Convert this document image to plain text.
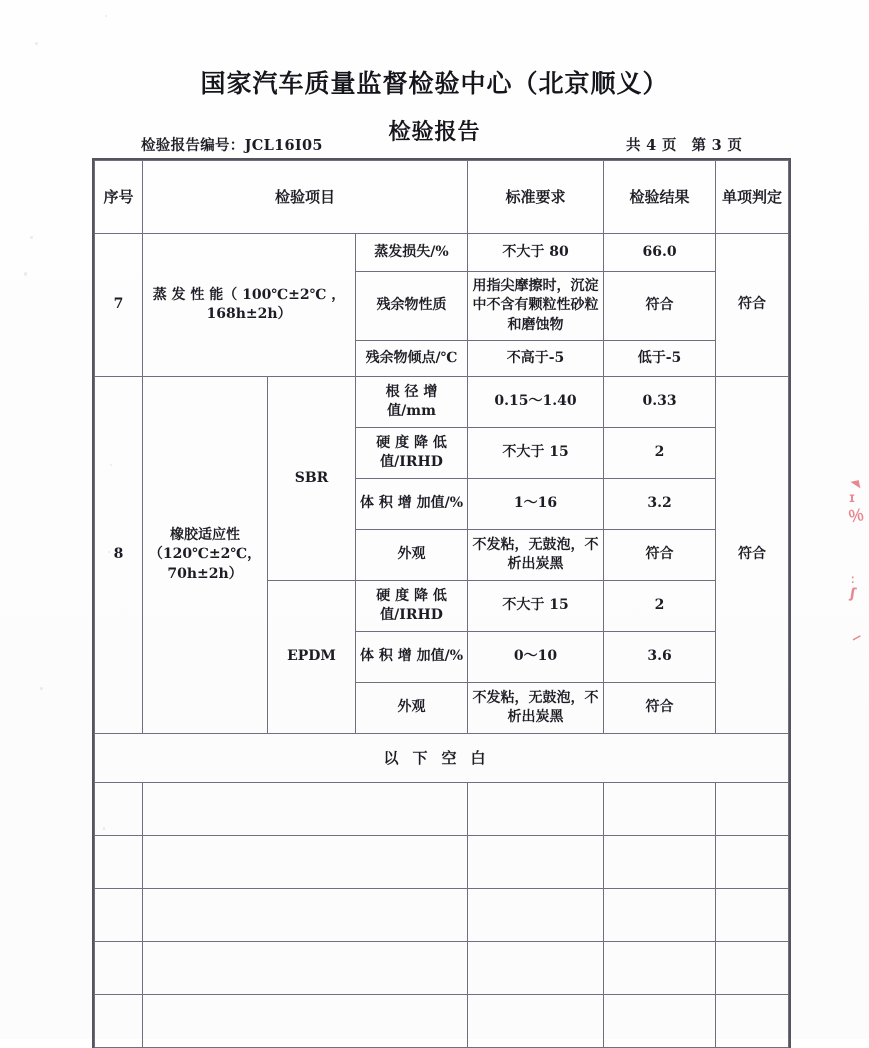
国家汽车质量监督检验中心（北京顺义）
检验报告
检验报告编号：JCL16I05	共 4 页　第 3 页
序号	检验项目			标准要求	检验结果	单项判定
7	蒸 发 性 能（ 100℃±2℃ ，168h±2h）		蒸发损失/%	不大于 80	66.0	符合
			残余物性质	用指尖摩擦时，沉淀中不含有颗粒性砂粒和磨蚀物	符合	
			残余物倾点/℃	不高于-5	低于-5	
8	橡胶适应性（120℃±2℃，70h±2h）	SBR	根 径 增 值/mm	0.15～1.40	0.33	符合
			硬 度 降 低值/IRHD	不大于 15	2	
			体 积 增 加值/%	1～16	3.2	
			外观	不发粘，无鼓泡，不析出炭黑	符合	
		EPDM	硬 度 降 低值/IRHD	不大于 15	2	
			体 积 增 加值/%	0～10	3.6	
			外观	不发粘，无鼓泡，不析出炭黑	符合	
以下空白						

◥
ⵊ
％
⁚
ʃ
ــ
